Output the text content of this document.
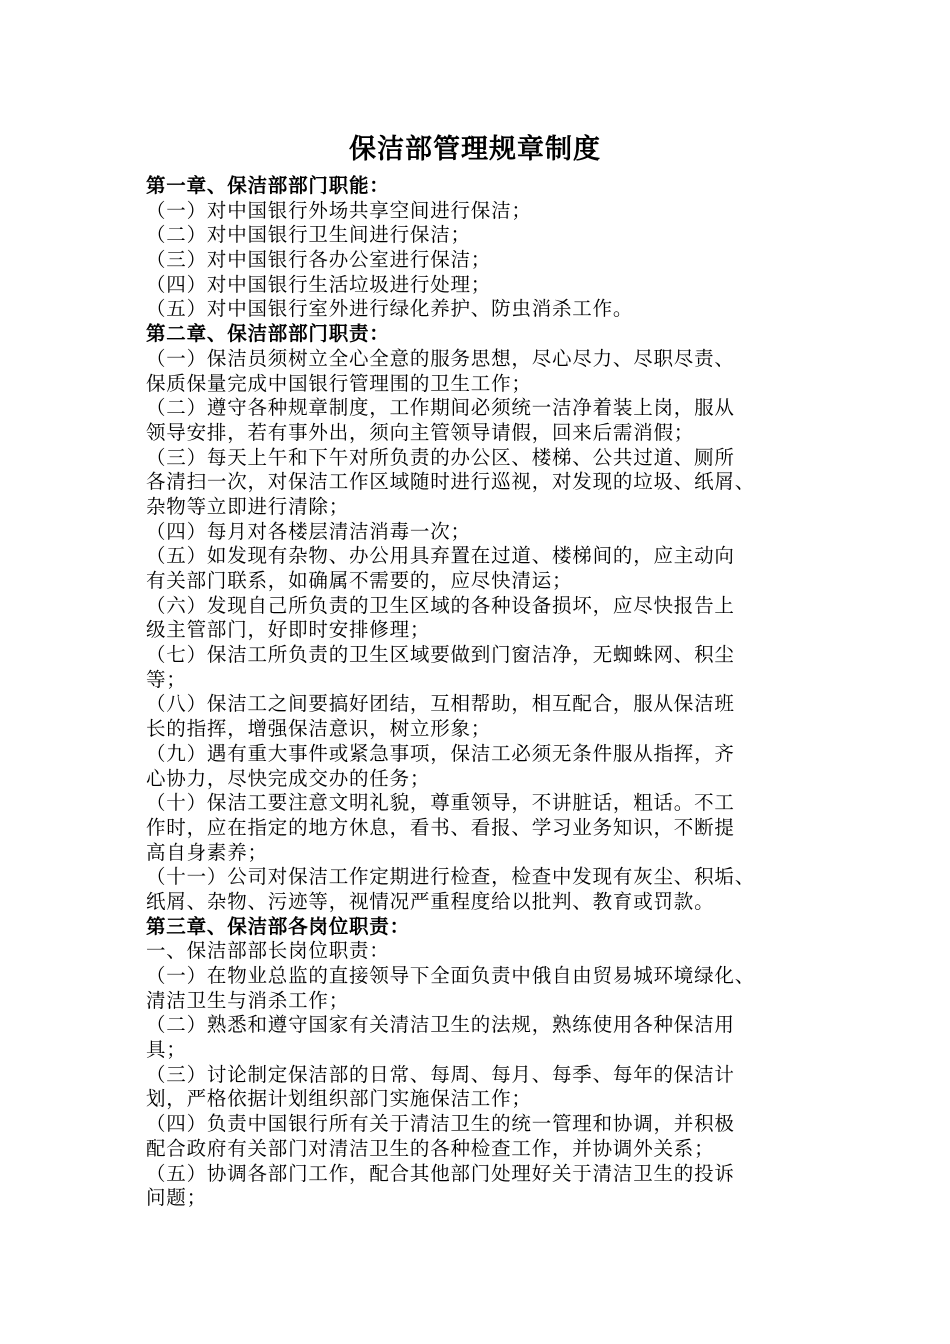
保洁部管理规章制度
第一章、保洁部部门职能：
（一）对中国银行外场共享空间进行保洁；
（二）对中国银行卫生间进行保洁；
（三）对中国银行各办公室进行保洁；
（四）对中国银行生活垃圾进行处理；
（五）对中国银行室外进行绿化养护、防虫消杀工作。
第二章、保洁部部门职责：
（一）保洁员须树立全心全意的服务思想，尽心尽力、尽职尽责、
保质保量完成中国银行管理围的卫生工作；
（二）遵守各种规章制度，工作期间必须统一洁净着装上岗，服从
领导安排，若有事外出，须向主管领导请假，回来后需消假；
（三）每天上午和下午对所负责的办公区、楼梯、公共过道、厕所
各清扫一次，对保洁工作区域随时进行巡视，对发现的垃圾、纸屑、
杂物等立即进行清除；
（四）每月对各楼层清洁消毒一次；
（五）如发现有杂物、办公用具弃置在过道、楼梯间的，应主动向
有关部门联系，如确属不需要的，应尽快清运；
（六）发现自己所负责的卫生区域的各种设备损坏，应尽快报告上
级主管部门，好即时安排修理；
（七）保洁工所负责的卫生区域要做到门窗洁净，无蜘蛛网、积尘
等；
（八）保洁工之间要搞好团结，互相帮助，相互配合，服从保洁班
长的指挥，增强保洁意识，树立形象；
（九）遇有重大事件或紧急事项，保洁工必须无条件服从指挥，齐
心协力，尽快完成交办的任务；
（十）保洁工要注意文明礼貌，尊重领导，不讲脏话，粗话。不工
作时，应在指定的地方休息，看书、看报、学习业务知识，不断提
高自身素养；
（十一）公司对保洁工作定期进行检查，检查中发现有灰尘、积垢、
纸屑、杂物、污迹等，视情况严重程度给以批判、教育或罚款。
第三章、保洁部各岗位职责：
一、保洁部部长岗位职责：
（一）在物业总监的直接领导下全面负责中俄自由贸易城环境绿化、
清洁卫生与消杀工作；
（二）熟悉和遵守国家有关清洁卫生的法规，熟练使用各种保洁用
具；
（三）讨论制定保洁部的日常、每周、每月、每季、每年的保洁计
划，严格依据计划组织部门实施保洁工作；
（四）负责中国银行所有关于清洁卫生的统一管理和协调，并积极
配合政府有关部门对清洁卫生的各种检查工作，并协调外关系；
（五）协调各部门工作，配合其他部门处理好关于清洁卫生的投诉
问题；
